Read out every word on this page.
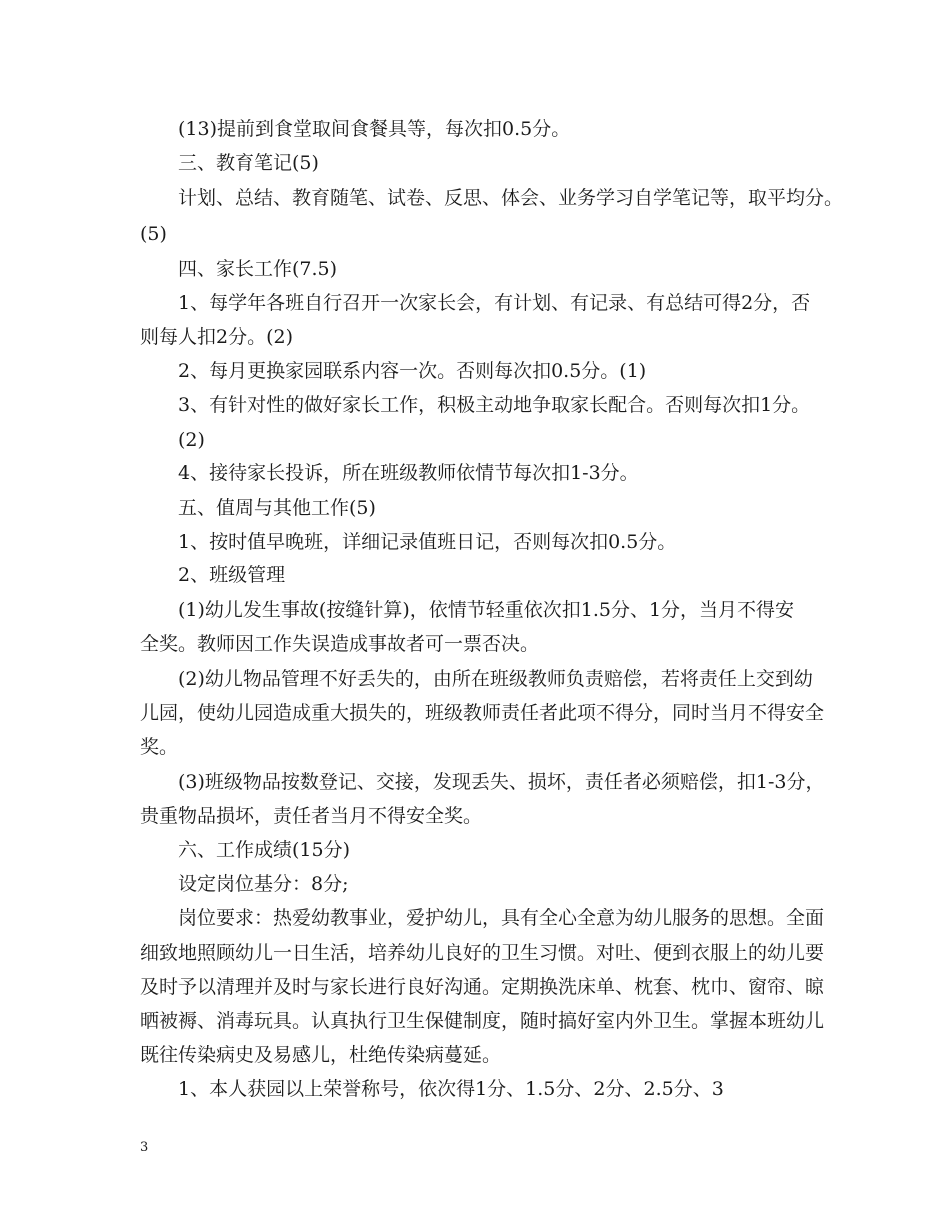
(13)提前到食堂取间食餐具等，每次扣0.5分。
三、教育笔记(5)
计划、总结、教育随笔、试卷、反思、体会、业务学习自学笔记等，取平均分。
(5)
四、家长工作(7.5)
1、每学年各班自行召开一次家长会，有计划、有记录、有总结可得2分，否
则每人扣2分。(2)
2、每月更换家园联系内容一次。否则每次扣0.5分。(1)
3、有针对性的做好家长工作，积极主动地争取家长配合。否则每次扣1分。
(2)
4、接待家长投诉，所在班级教师依情节每次扣1-3分。
五、值周与其他工作(5)
1、按时值早晚班，详细记录值班日记，否则每次扣0.5分。
2、班级管理
(1)幼儿发生事故(按缝针算)，依情节轻重依次扣1.5分、1分，当月不得安
全奖。教师因工作失误造成事故者可一票否决。
(2)幼儿物品管理不好丢失的，由所在班级教师负责赔偿，若将责任上交到幼
儿园，使幼儿园造成重大损失的，班级教师责任者此项不得分，同时当月不得安全
奖。
(3)班级物品按数登记、交接，发现丢失、损坏，责任者必须赔偿，扣1-3分，
贵重物品损坏，责任者当月不得安全奖。
六、工作成绩(15分)
设定岗位基分：8分;
岗位要求：热爱幼教事业，爱护幼儿，具有全心全意为幼儿服务的思想。全面
细致地照顾幼儿一日生活，培养幼儿良好的卫生习惯。对吐、便到衣服上的幼儿要
及时予以清理并及时与家长进行良好沟通。定期换洗床单、枕套、枕巾、窗帘、晾
晒被褥、消毒玩具。认真执行卫生保健制度，随时搞好室内外卫生。掌握本班幼儿
既往传染病史及易感儿，杜绝传染病蔓延。
1、本人获园以上荣誉称号，依次得1分、1.5分、2分、2.5分、3
3
